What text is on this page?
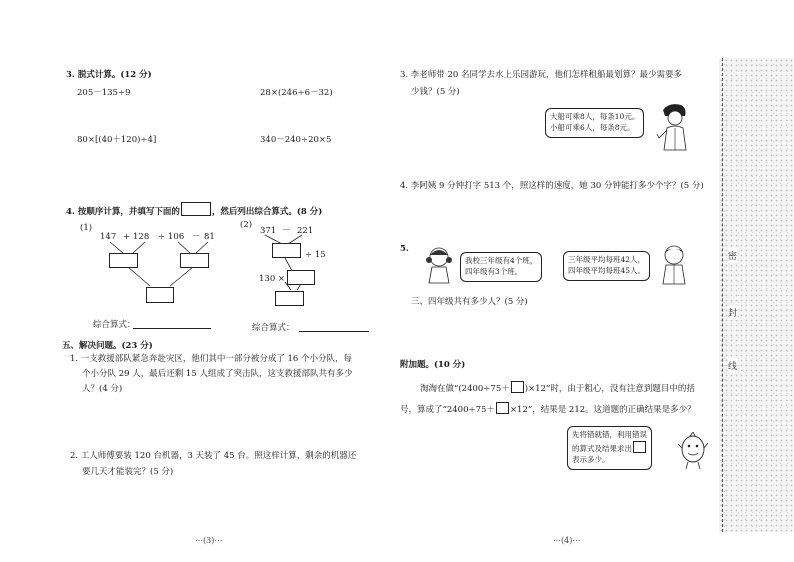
3. 脱式计算。(12 分)
205－135÷9	28×(246÷6－32)
80×[(40＋120)÷4]	340－240÷20×5
4. 按顺序计算，并填写下面的	，然后列出综合算式。(8 分)
(1)
147 + 128 ÷ 106 － 81
综合算式：
(2)
371 － 221
÷ 15
130 ×
综合算式：
五、解决问题。(23 分)
1. 一支救援部队紧急奔赴灾区，他们其中一部分被分成了 16 个小分队，每
个小分队 29 人，最后还剩 15 人组成了突击队，这支救援部队共有多少
人？(4 分)
2. 工人师傅要装 120 台机器，3 天装了 45 台。照这样计算，剩余的机器还
要几天才能装完？(5 分)
⋯(3)⋯
3. 李老师带 20 名同学去水上乐园游玩，他们怎样租船最划算？最少需要多
少钱？(5 分)
大船可乘8人，每条10元。
小船可乘6人，每条8元。
4. 李阿姨 9 分钟打字 513 个，照这样的速度，她 30 分钟能打多少个字？(5 分)
5.
我校三年级有4个班，
四年级有3个班。
三年级平均每班42人，
四年级平均每班45人。
三、四年级共有多少人？(5 分)
附加题。(10 分)
淘淘在做“(2400÷75＋ )×12”时，由于粗心，没有注意到题目中的括
号，算成了“2400÷75＋ ×12”，结果是 212。这道题的正确结果是多少？
先将错就错，利用错误
的算式及结果求出
表示多少。
⋯(4)⋯
密
封
线
